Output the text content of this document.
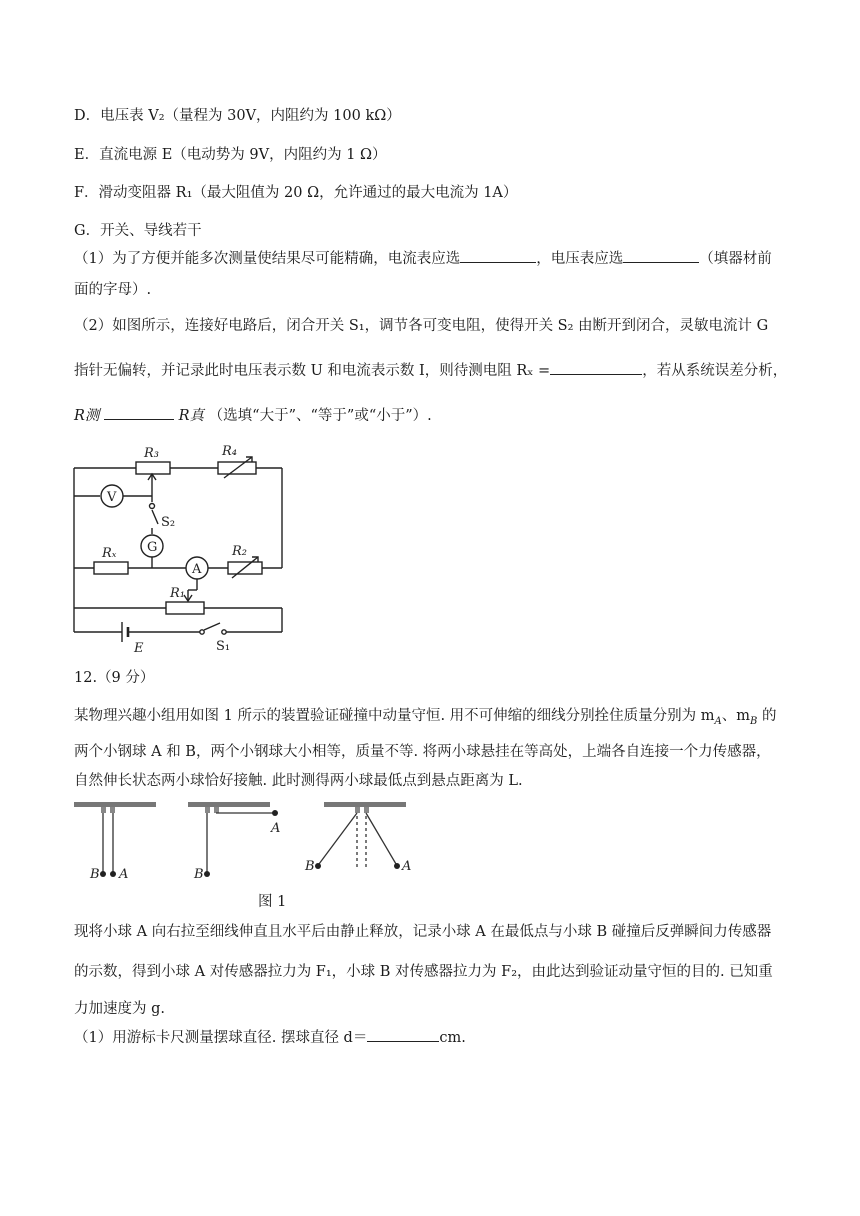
D．电压表 V₂（量程为 30V，内阻约为 100 kΩ）
E．直流电源 E（电动势为 9V，内阻约为 1 Ω）
F．滑动变阻器 R₁（最大阻值为 20 Ω，允许通过的最大电流为 1A）
G．开关、导线若干
（1）为了方便并能多次测量使结果尽可能精确，电流表应选	，电压表应选	（填器材前
面的字母）.
（2）如图所示，连接好电路后，闭合开关 S₁，调节各可变电阻，使得开关 S₂ 由断开到闭合，灵敏电流计 G
指针无偏转，并记录此时电压表示数 U 和电流表示数 I，则待测电阻 Rₓ =	，若从系统误差分析，
R测	R真 （选填“大于”、“等于”或“小于”）.
R₃	R₄
V
S₂
G
Rₓ
A
R₂
R₁
E	S₁
12.（9 分）
某物理兴趣小组用如图 1 所示的装置验证碰撞中动量守恒. 用不可伸缩的细线分别拴住质量分别为 $m_A$、$m_B$ 的
两个小钢球 A 和 B，两个小钢球大小相等，质量不等. 将两小球悬挂在等高处，上端各自连接一个力传感器，
自然伸长状态两小球恰好接触. 此时测得两小球最低点到悬点距离为 L.
B A	B
A
B	A
图 1
现将小球 A 向右拉至细线伸直且水平后由静止释放，记录小球 A 在最低点与小球 B 碰撞后反弹瞬间力传感器
的示数，得到小球 A 对传感器拉力为 F₁，小球 B 对传感器拉力为 F₂，由此达到验证动量守恒的目的. 已知重
力加速度为 g.
（1）用游标卡尺测量摆球直径. 摆球直径 d＝	cm.
